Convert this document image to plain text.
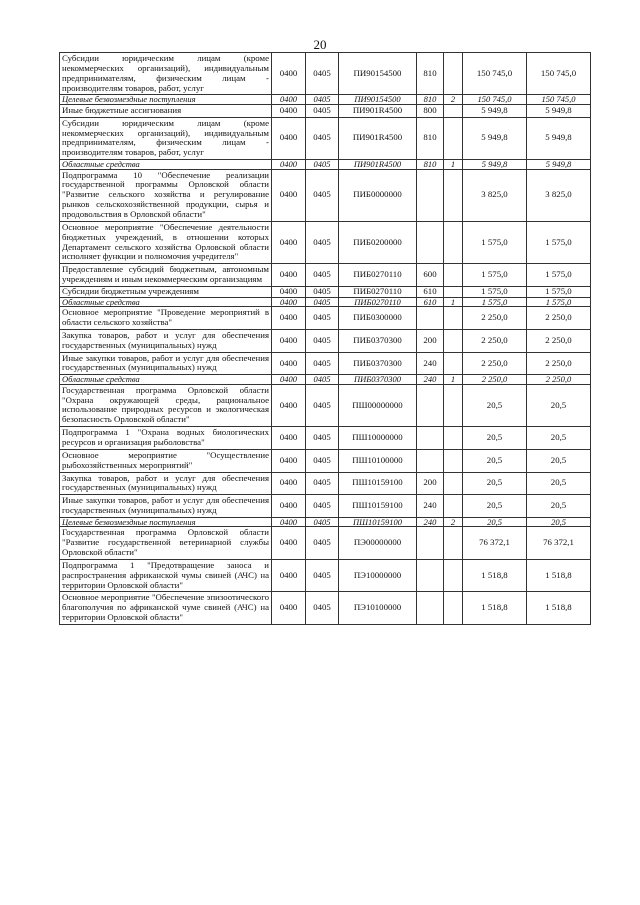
20
Субсидии юридическим лицам (кроме некоммерческих организаций), индивидуальным предпринимателям, физическим лицам - производителям товаров, работ, услуг	0400	0405	ПИ90154500	810		150 745,0	150 745,0
Целевые безвозмездные поступления	0400	0405	ПИ90154500	810	2	150 745,0	150 745,0
Иные бюджетные ассигнования	0400	0405	ПИ901R4500	800		5 949,8	5 949,8
Субсидии юридическим лицам (кроме некоммерческих организаций), индивидуальным предпринимателям, физическим лицам - производителям товаров, работ, услуг	0400	0405	ПИ901R4500	810		5 949,8	5 949,8
Областные средства	0400	0405	ПИ901R4500	810	1	5 949,8	5 949,8
Подпрограмма 10 "Обеспечение реализации государственной программы Орловской области "Развитие сельского хозяйства и регулирование рынков сельскохозяйственной продукции, сырья и продовольствия в Орловской области"	0400	0405	ПИБ0000000			3 825,0	3 825,0
Основное мероприятие "Обеспечение деятельности бюджетных учреждений, в отношении которых Департамент сельского хозяйства Орловской области исполняет функции и полномочия учредителя"	0400	0405	ПИБ0200000			1 575,0	1 575,0
Предоставление субсидий бюджетным, автономным учреждениям и иным некоммерческим организациям	0400	0405	ПИБ0270110	600		1 575,0	1 575,0
Субсидии бюджетным учреждениям	0400	0405	ПИБ0270110	610		1 575,0	1 575,0
Областные средства	0400	0405	ПИБ0270110	610	1	1 575,0	1 575,0
Основное мероприятие "Проведение мероприятий в области сельского хозяйства"	0400	0405	ПИБ0300000			2 250,0	2 250,0
Закупка товаров, работ и услуг для обеспечения государственных (муниципальных) нужд	0400	0405	ПИБ0370300	200		2 250,0	2 250,0
Иные закупки товаров, работ и услуг для обеспечения государственных (муниципальных) нужд	0400	0405	ПИБ0370300	240		2 250,0	2 250,0
Областные средства	0400	0405	ПИБ0370300	240	1	2 250,0	2 250,0
Государственная программа Орловской области "Охрана окружающей среды, рациональное использование природных ресурсов и экологическая безопасность Орловской области"	0400	0405	ПШ00000000			20,5	20,5
Подпрограмма 1 "Охрана водных биологических ресурсов и организация рыболовства"	0400	0405	ПШ10000000			20,5	20,5
Основное мероприятие "Осуществление рыбохозяйственных мероприятий"	0400	0405	ПШ10100000			20,5	20,5
Закупка товаров, работ и услуг для обеспечения государственных (муниципальных) нужд	0400	0405	ПШ10159100	200		20,5	20,5
Иные закупки товаров, работ и услуг для обеспечения государственных (муниципальных) нужд	0400	0405	ПШ10159100	240		20,5	20,5
Целевые безвозмездные поступления	0400	0405	ПШ10159100	240	2	20,5	20,5
Государственная программа Орловской области "Развитие государственной ветеринарной службы Орловской области"	0400	0405	ПЭ00000000			76 372,1	76 372,1
Подпрограмма 1 "Предотвращение заноса и распространения африканской чумы свиней (АЧС) на территории Орловской области"	0400	0405	ПЭ10000000			1 518,8	1 518,8
Основное мероприятие "Обеспечение эпизоотического благополучия по африканской чуме свиней (АЧС) на территории Орловской области"	0400	0405	ПЭ10100000			1 518,8	1 518,8
